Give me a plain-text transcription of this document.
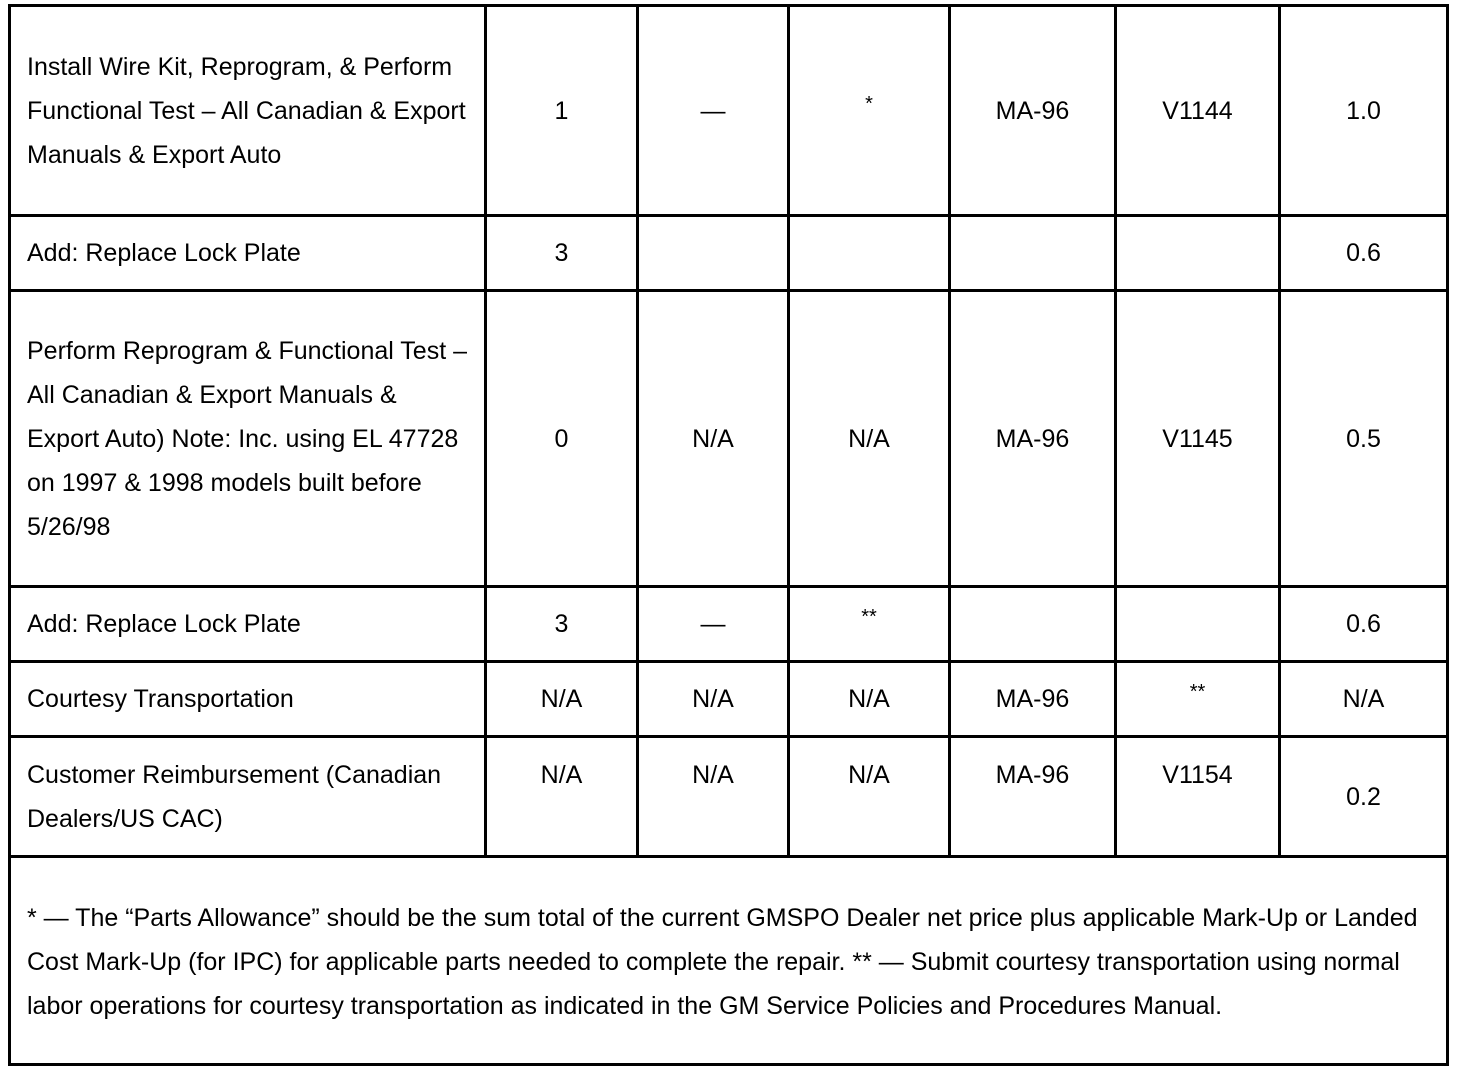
Install Wire Kit, Reprogram, & Perform Functional Test – All Canadian & Export Manuals & Export Auto	1	—	*	MA-96	V1144	1.0
Add: Replace Lock Plate	3					0.6
Perform Reprogram & Functional Test – All Canadian & Export Manuals & Export Auto) Note: Inc. using EL 47728 on 1997 & 1998 models built before 5/26/98	0	N/A	N/A	MA-96	V1145	0.5
Add: Replace Lock Plate	3	—	**			0.6
Courtesy Transportation	N/A	N/A	N/A	MA-96	**	N/A
Customer Reimbursement (Canadian Dealers/US CAC)	N/A	N/A	N/A	MA-96	V1154	0.2
* — The “Parts Allowance” should be the sum total of the current GMSPO Dealer net price plus applicable Mark-Up or Landed Cost Mark-Up (for IPC) for applicable parts needed to complete the repair. ** — Submit courtesy transportation using normal labor operations for courtesy transportation as indicated in the GM Service Policies and Procedures Manual.						
